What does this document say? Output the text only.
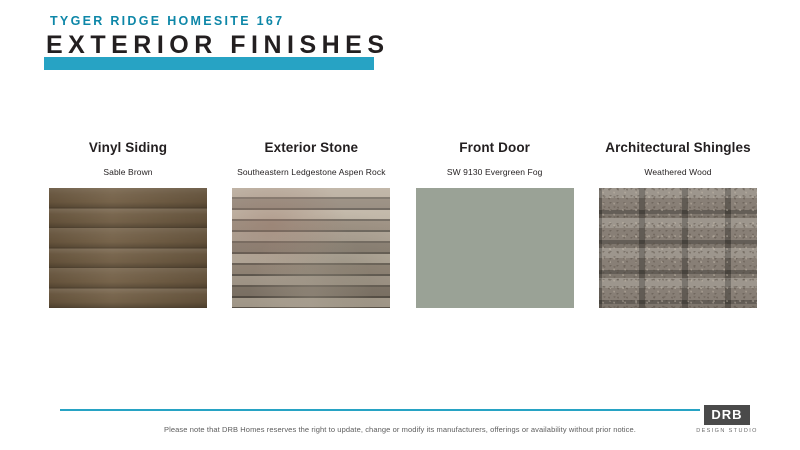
TYGER RIDGE HOMESITE 167
EXTERIOR FINISHES
Vinyl Siding
Sable Brown
Exterior Stone
Southeastern Ledgestone Aspen Rock
Front Door
SW 9130 Evergreen Fog
Architectural Shingles
Weathered Wood
Please note that DRB Homes reserves the right to update, change or modify its manufacturers, offerings or availability without prior notice.
DRB
DESIGN STUDIO
